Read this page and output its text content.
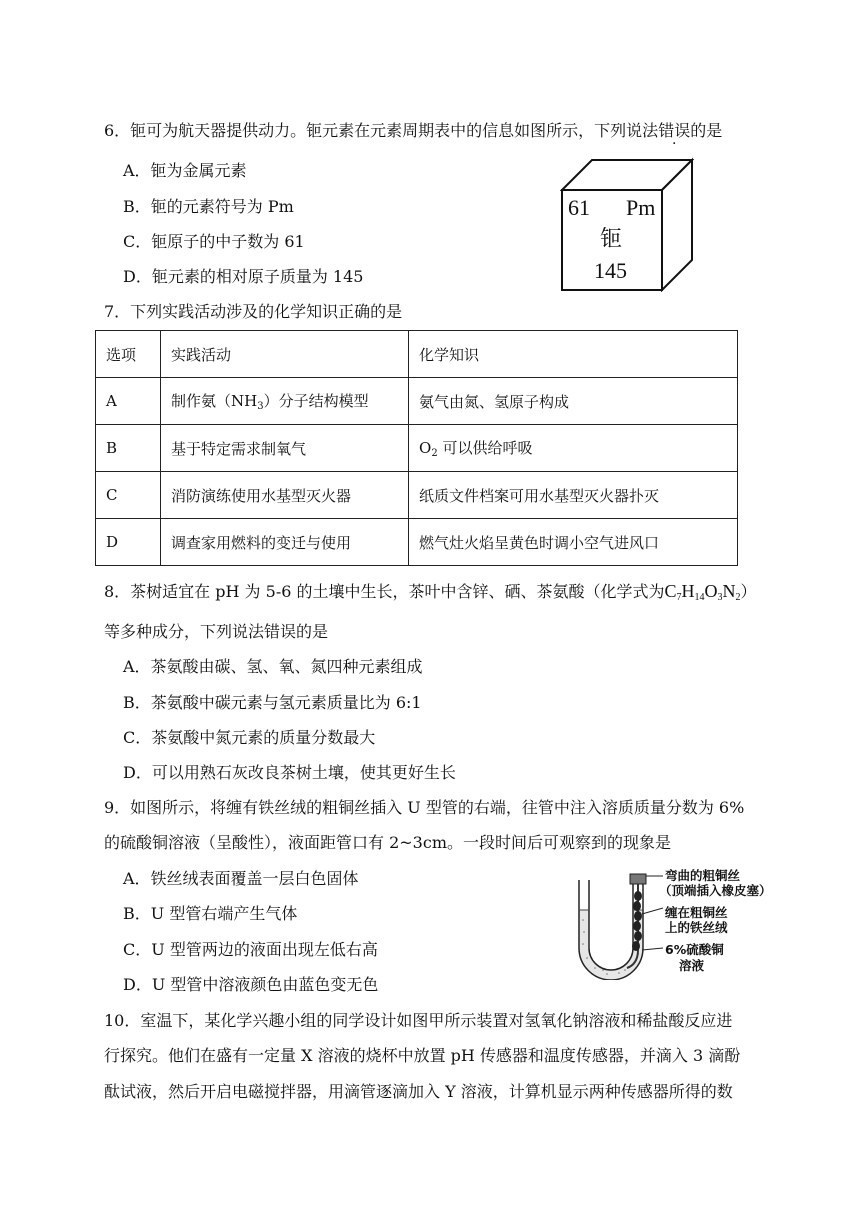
6．钷可为航天器提供动力。钷元素在元素周期表中的信息如图所示，下列说法错误的是
A．钷为金属元素
B．钷的元素符号为 Pm
C．钷原子的中子数为 61
D．钷元素的相对原子质量为 145
61 Pm
钷
145
7．下列实践活动涉及的化学知识正确的是
选项	实践活动	化学知识
A	制作氨$(NH_3)$分子结构模型	氨气由氮、氢原子构成
B	基于特定需求制氧气	$O_2$ 可以供给呼吸
C	消防演练使用水基型灭火器	纸质文件档案可用水基型灭火器扑灭
D	调查家用燃料的变迁与使用	燃气灶火焰呈黄色时调小空气进风口
8．茶树适宜在 pH 为 5-6 的土壤中生长，茶叶中含锌、硒、茶氨酸（化学式为$C_7H_{14}O_3N_2$）
等多种成分，下列说法错误的是
A．茶氨酸由碳、氢、氧、氮四种元素组成
B．茶氨酸中碳元素与氢元素质量比为 6:1
C．茶氨酸中氮元素的质量分数最大
D．可以用熟石灰改良茶树土壤，使其更好生长
9．如图所示，将缠有铁丝绒的粗铜丝插入 U 型管的右端，往管中注入溶质质量分数为 6%
的硫酸铜溶液（呈酸性），液面距管口有 2~3cm。一段时间后可观察到的现象是
A．铁丝绒表面覆盖一层白色固体
B．U 型管右端产生气体
C．U 型管两边的液面出现左低右高
D．U 型管中溶液颜色由蓝色变无色
弯曲的粗铜丝
（顶端插入橡皮塞）
缠在粗铜丝
上的铁丝绒
6%硫酸铜
溶液
10．室温下，某化学兴趣小组的同学设计如图甲所示装置对氢氧化钠溶液和稀盐酸反应进
行探究。他们在盛有一定量 X 溶液的烧杯中放置 pH 传感器和温度传感器，并滴入 3 滴酚
酞试液，然后开启电磁搅拌器，用滴管逐滴加入 Y 溶液，计算机显示两种传感器所得的数
